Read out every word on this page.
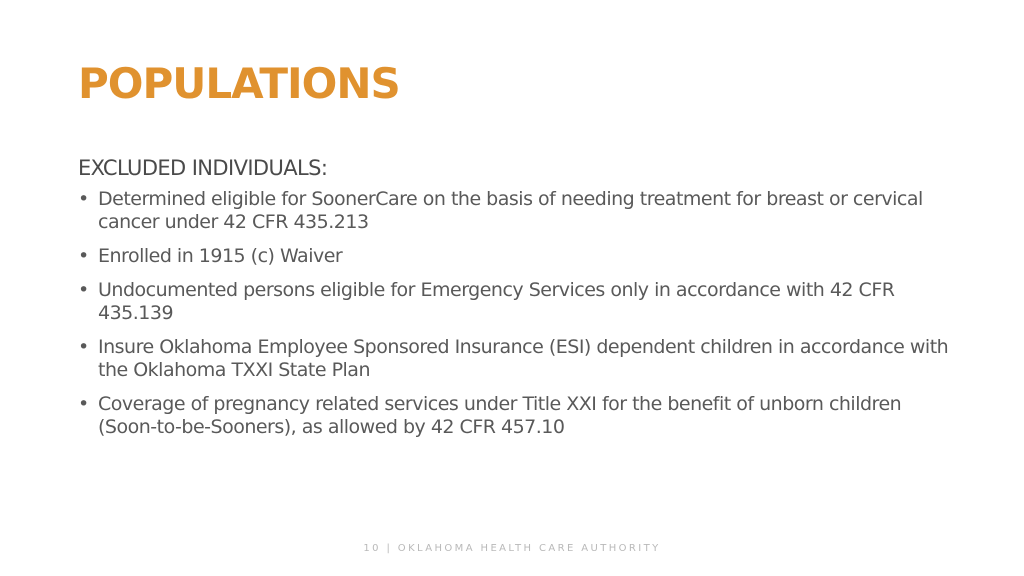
POPULATIONS
EXCLUDED INDIVIDUALS:
• Determined eligible for SoonerCare on the basis of needing treatment for breast or cervical cancer under 42 CFR 435.213
• Enrolled in 1915 (c) Waiver
• Undocumented persons eligible for Emergency Services only in accordance with 42 CFR 435.139
• Insure Oklahoma Employee Sponsored Insurance (ESI) dependent children in accordance with the Oklahoma TXXI State Plan
• Coverage of pregnancy related services under Title XXI for the benefit of unborn children (Soon-to-be-Sooners), as allowed by 42 CFR 457.10
10 | OKLAHOMA HEALTH CARE AUTHORITY
